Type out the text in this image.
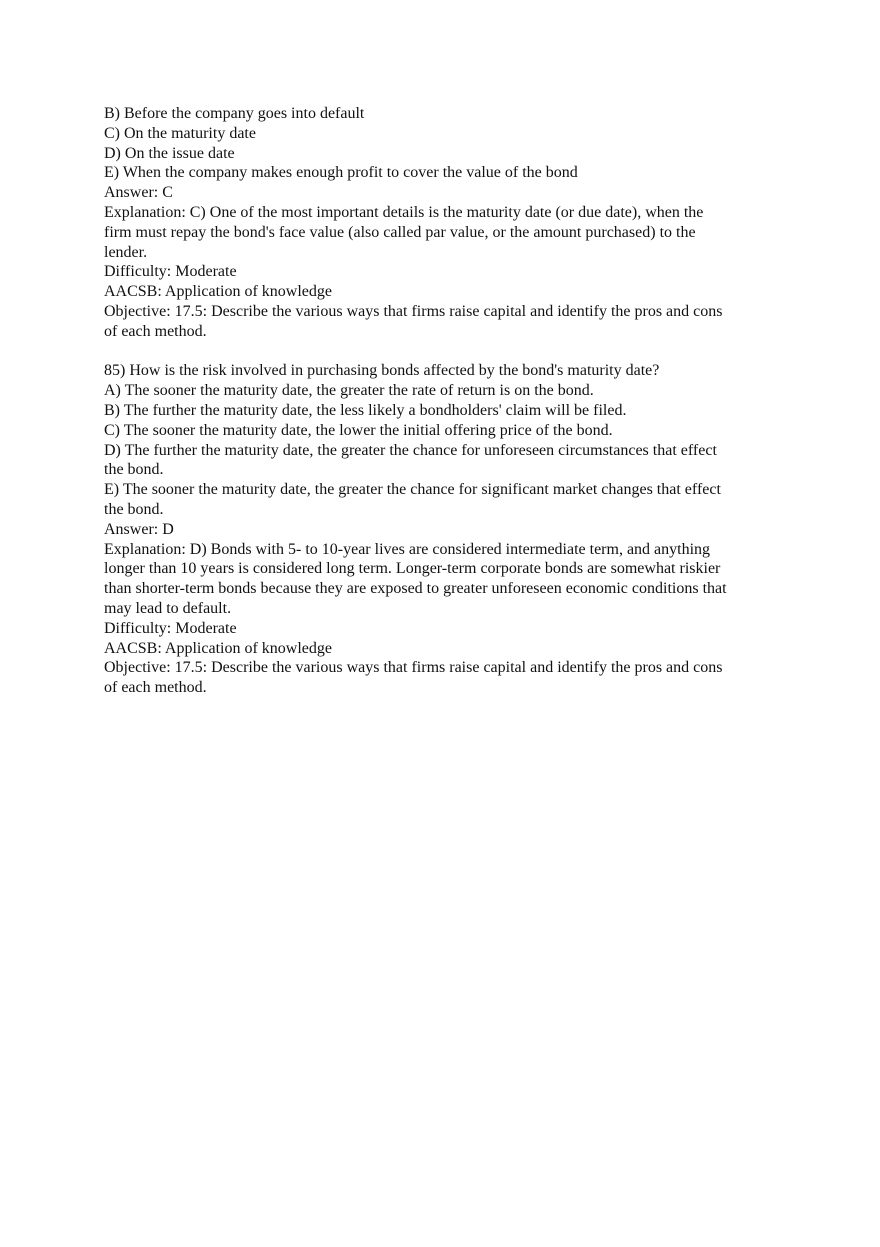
B) Before the company goes into default
C) On the maturity date
D) On the issue date
E) When the company makes enough profit to cover the value of the bond
Answer: C
Explanation: C) One of the most important details is the maturity date (or due date), when the
firm must repay the bond's face value (also called par value, or the amount purchased) to the
lender.
Difficulty: Moderate
AACSB: Application of knowledge
Objective: 17.5: Describe the various ways that firms raise capital and identify the pros and cons
of each method.
85) How is the risk involved in purchasing bonds affected by the bond's maturity date?
A) The sooner the maturity date, the greater the rate of return is on the bond.
B) The further the maturity date, the less likely a bondholders' claim will be filed.
C) The sooner the maturity date, the lower the initial offering price of the bond.
D) The further the maturity date, the greater the chance for unforeseen circumstances that effect
the bond.
E) The sooner the maturity date, the greater the chance for significant market changes that effect
the bond.
Answer: D
Explanation: D) Bonds with 5- to 10-year lives are considered intermediate term, and anything
longer than 10 years is considered long term. Longer-term corporate bonds are somewhat riskier
than shorter-term bonds because they are exposed to greater unforeseen economic conditions that
may lead to default.
Difficulty: Moderate
AACSB: Application of knowledge
Objective: 17.5: Describe the various ways that firms raise capital and identify the pros and cons
of each method.
